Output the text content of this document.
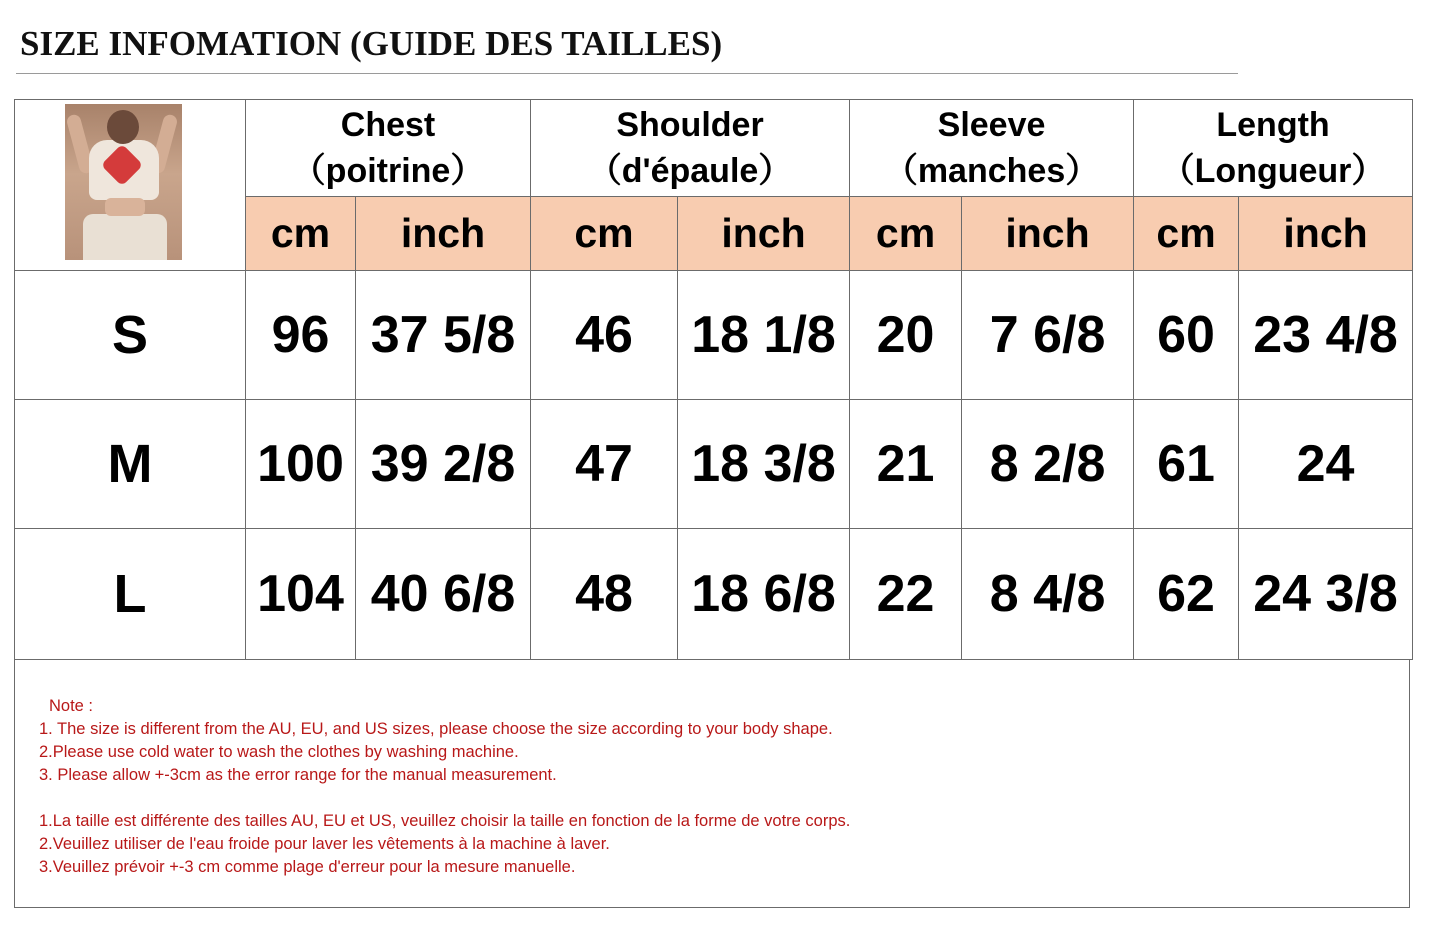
SIZE INFOMATION (GUIDE DES TAILLES)
	Chest
（poitrine）		Shoulder
（d'épaule）		Sleeve
（manches）		Length
（Longueur）	

	cm	inch	cm	inch	cm	inch	cm	inch
S	96	37 5/8	46	18 1/8	20	7 6/8	60	23 4/8
M	100	39 2/8	47	18 3/8	21	8 2/8	61	24
L	104	40 6/8	48	18 6/8	22	8 4/8	62	24 3/8
Note :
1. The size is different from the AU, EU, and US sizes, please choose the size according to your body shape.
2.Please use cold water to wash the clothes by washing machine.
3. Please allow +-3cm as the error range for the manual measurement.
1.La taille est différente des tailles AU, EU et US, veuillez choisir la taille en fonction de la forme de votre corps.
2.Veuillez utiliser de l'eau froide pour laver les vêtements à la machine à laver.
3.Veuillez prévoir +-3 cm comme plage d'erreur pour la mesure manuelle.
